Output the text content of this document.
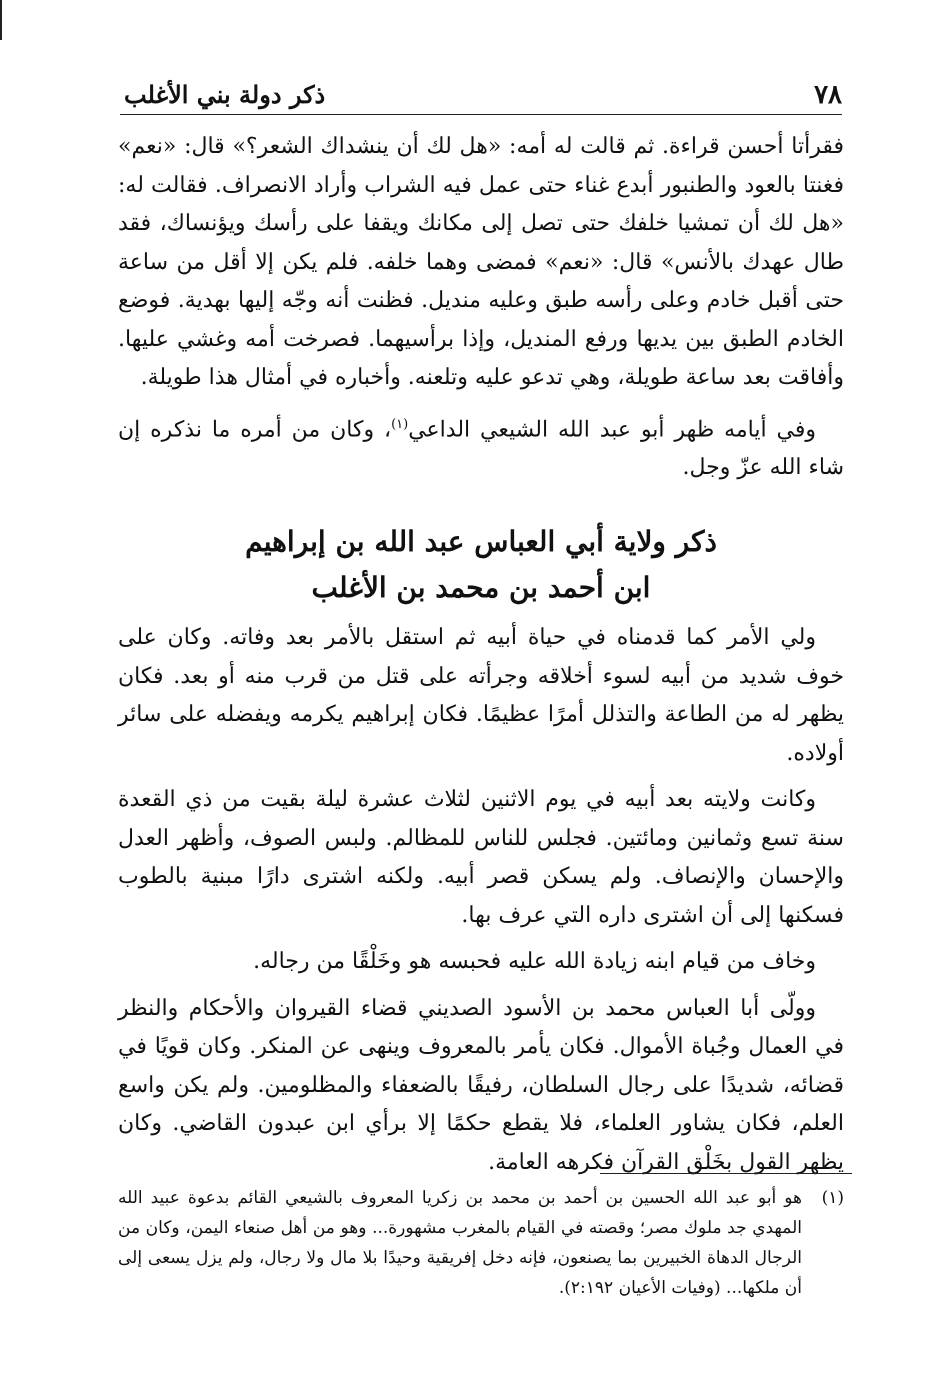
٧٨
ذكر دولة بني الأغلب

فقرأتا أحسن قراءة. ثم قالت له أمه: «هل لك أن ينشداك الشعر؟» قال: «نعم» فغنتا بالعود والطنبور أبدع غناء حتى عمل فيه الشراب وأراد الانصراف. فقالت له: «هل لك أن تمشيا خلفك حتى تصل إلى مكانك ويقفا على رأسك ويؤنساك، فقد طال عهدك بالأنس» قال: «نعم» فمضى وهما خلفه. فلم يكن إلا أقل من ساعة حتى أقبل خادم وعلى رأسه طبق وعليه منديل. فظنت أنه وجّه إليها بهدية. فوضع الخادم الطبق بين يديها ورفع المنديل، وإذا برأسيهما. فصرخت أمه وغشي عليها. وأفاقت بعد ساعة طويلة، وهي تدعو عليه وتلعنه. وأخباره في أمثال هذا طويلة.

وفي أيامه ظهر أبو عبد الله الشيعي الداعي$^{(١)}$، وكان من أمره ما نذكره إن شاء الله عزّ وجل.

ذكر ولاية أبي العباس عبد الله بن إبراهيم
ابن أحمد بن محمد بن الأغلب

ولي الأمر كما قدمناه في حياة أبيه ثم استقل بالأمر بعد وفاته. وكان على خوف شديد من أبيه لسوء أخلاقه وجرأته على قتل من قرب منه أو بعد. فكان يظهر له من الطاعة والتذلل أمرًا عظيمًا. فكان إبراهيم يكرمه ويفضله على سائر أولاده.

وكانت ولايته بعد أبيه في يوم الاثنين لثلاث عشرة ليلة بقيت من ذي القعدة سنة تسع وثمانين ومائتين. فجلس للناس للمظالم. ولبس الصوف، وأظهر العدل والإحسان والإنصاف. ولم يسكن قصر أبيه. ولكنه اشترى دارًا مبنية بالطوب فسكنها إلى أن اشترى داره التي عرف بها.

وخاف من قيام ابنه زيادة الله عليه فحبسه هو وخَلْقًا من رجاله.

وولّى أبا العباس محمد بن الأسود الصديني قضاء القيروان والأحكام والنظر في العمال وجُباة الأموال. فكان يأمر بالمعروف وينهى عن المنكر. وكان قويًا في قضائه، شديدًا على رجال السلطان، رفيقًا بالضعفاء والمظلومين. ولم يكن واسع العلم، فكان يشاور العلماء، فلا يقطع حكمًا إلا برأي ابن عبدون القاضي. وكان يظهر القول بخَلْق القرآن فكرهه العامة.

(١)
هو أبو عبد الله الحسين بن أحمد بن محمد بن زكريا المعروف بالشيعي القائم بدعوة عبيد الله المهدي جد ملوك مصر؛ وقصته في القيام بالمغرب مشهورة... وهو من أهل صنعاء اليمن، وكان من الرجال الدهاة الخبيرين بما يصنعون، فإنه دخل إفريقية وحيدًا بلا مال ولا رجال، ولم يزل يسعى إلى أن ملكها... (وفيات الأعيان ٢:١٩٢).
